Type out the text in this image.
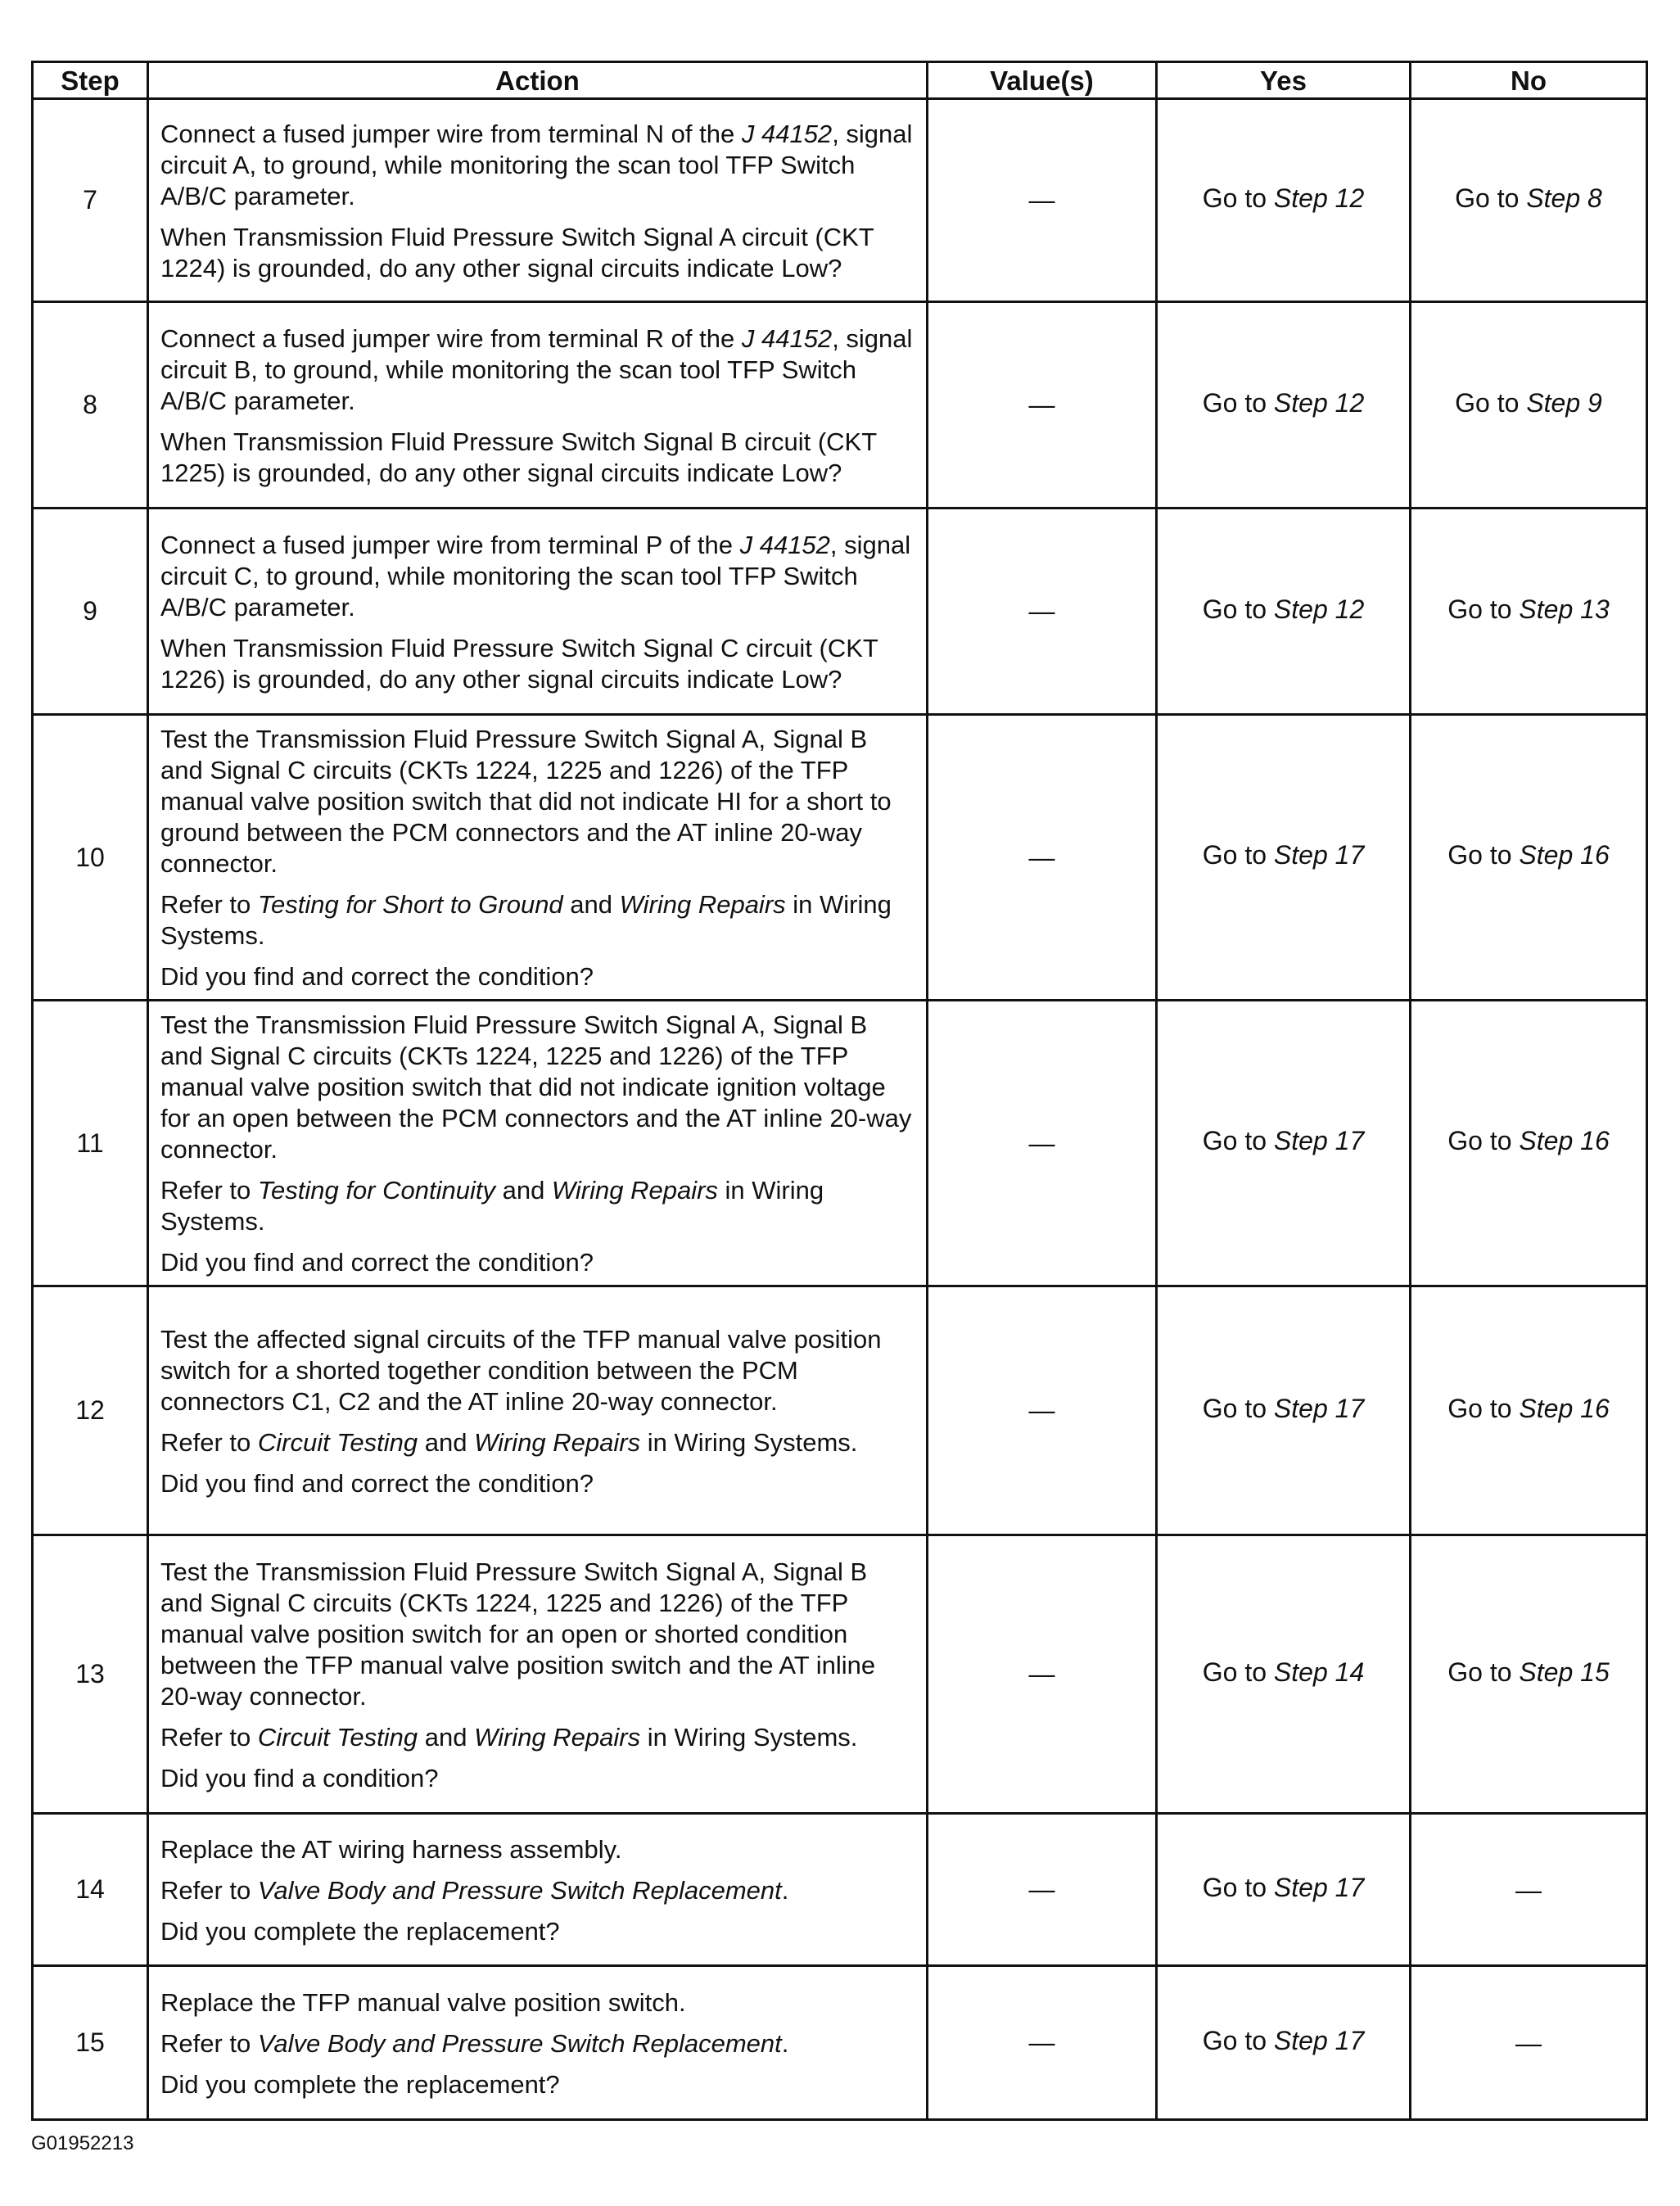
Step	Action	Value(s)	Yes	No
7	Connect a fused jumper wire from terminal N of the J 44152, signal circuit A, to ground, while monitoring the scan tool TFP Switch A/B/C parameter.

When Transmission Fluid Pressure Switch Signal A circuit (CKT 1224) is grounded, do any other signal circuits indicate Low?	—	Go to Step 12	Go to Step 8
8	Connect a fused jumper wire from terminal R of the J 44152, signal circuit B, to ground, while monitoring the scan tool TFP Switch A/B/C parameter.

When Transmission Fluid Pressure Switch Signal B circuit (CKT 1225) is grounded, do any other signal circuits indicate Low?	—	Go to Step 12	Go to Step 9
9	Connect a fused jumper wire from terminal P of the J 44152, signal circuit C, to ground, while monitoring the scan tool TFP Switch A/B/C parameter.

When Transmission Fluid Pressure Switch Signal C circuit (CKT 1226) is grounded, do any other signal circuits indicate Low?	—	Go to Step 12	Go to Step 13
10	Test the Transmission Fluid Pressure Switch Signal A, Signal B and Signal C circuits (CKTs 1224, 1225 and 1226) of the TFP manual valve position switch that did not indicate HI for a short to ground between the PCM connectors and the AT inline 20-way connector.

Refer to Testing for Short to Ground and Wiring Repairs in Wiring Systems.

Did you find and correct the condition?	—	Go to Step 17	Go to Step 16
11	Test the Transmission Fluid Pressure Switch Signal A, Signal B and Signal C circuits (CKTs 1224, 1225 and 1226) of the TFP manual valve position switch that did not indicate ignition voltage for an open between the PCM connectors and the AT inline 20-way connector.

Refer to Testing for Continuity and Wiring Repairs in Wiring Systems.

Did you find and correct the condition?	—	Go to Step 17	Go to Step 16
12	Test the affected signal circuits of the TFP manual valve position switch for a shorted together condition between the PCM connectors C1, C2 and the AT inline 20-way connector.

Refer to Circuit Testing and Wiring Repairs in Wiring Systems.

Did you find and correct the condition?	—	Go to Step 17	Go to Step 16
13	Test the Transmission Fluid Pressure Switch Signal A, Signal B and Signal C circuits (CKTs 1224, 1225 and 1226) of the TFP manual valve position switch for an open or shorted condition between the TFP manual valve position switch and the AT inline 20-way connector.

Refer to Circuit Testing and Wiring Repairs in Wiring Systems.

Did you find a condition?	—	Go to Step 14	Go to Step 15
14	Replace the AT wiring harness assembly.

Refer to Valve Body and Pressure Switch Replacement.

Did you complete the replacement?	—	Go to Step 17	—
15	Replace the TFP manual valve position switch.

Refer to Valve Body and Pressure Switch Replacement.

Did you complete the replacement?	—	Go to Step 17	—
G01952213
